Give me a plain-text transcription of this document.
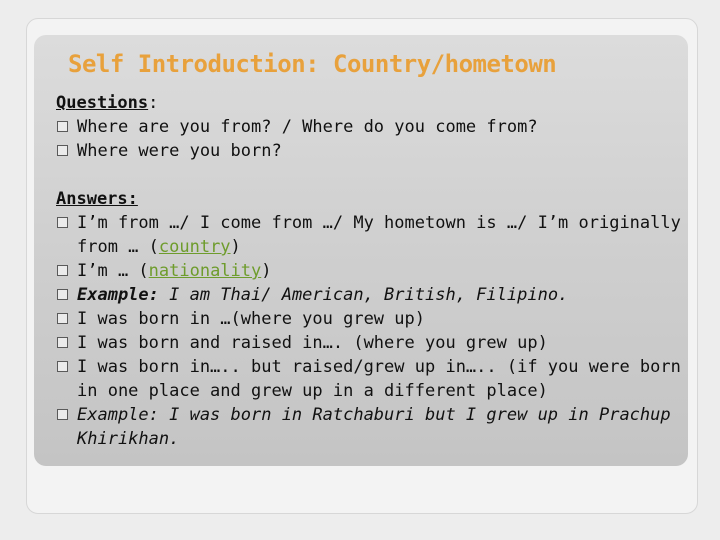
Self Introduction: Country/hometown
Questions:
Where are you from? / Where do you come from?
Where were you born?
Answers:
I’m from …/ I come from …/ My hometown is …/ I’m originally from … (country)
I’m … (nationality)
Example: I am Thai/ American, British, Filipino.
I was born in …(where you grew up)
I was born and raised in…. (where you grew up)
I was born in….. but raised/grew up in….. (if you were born in one place and grew up in a different place)
Example: I was born in Ratchaburi but I grew up in Prachup Khirikhan.
